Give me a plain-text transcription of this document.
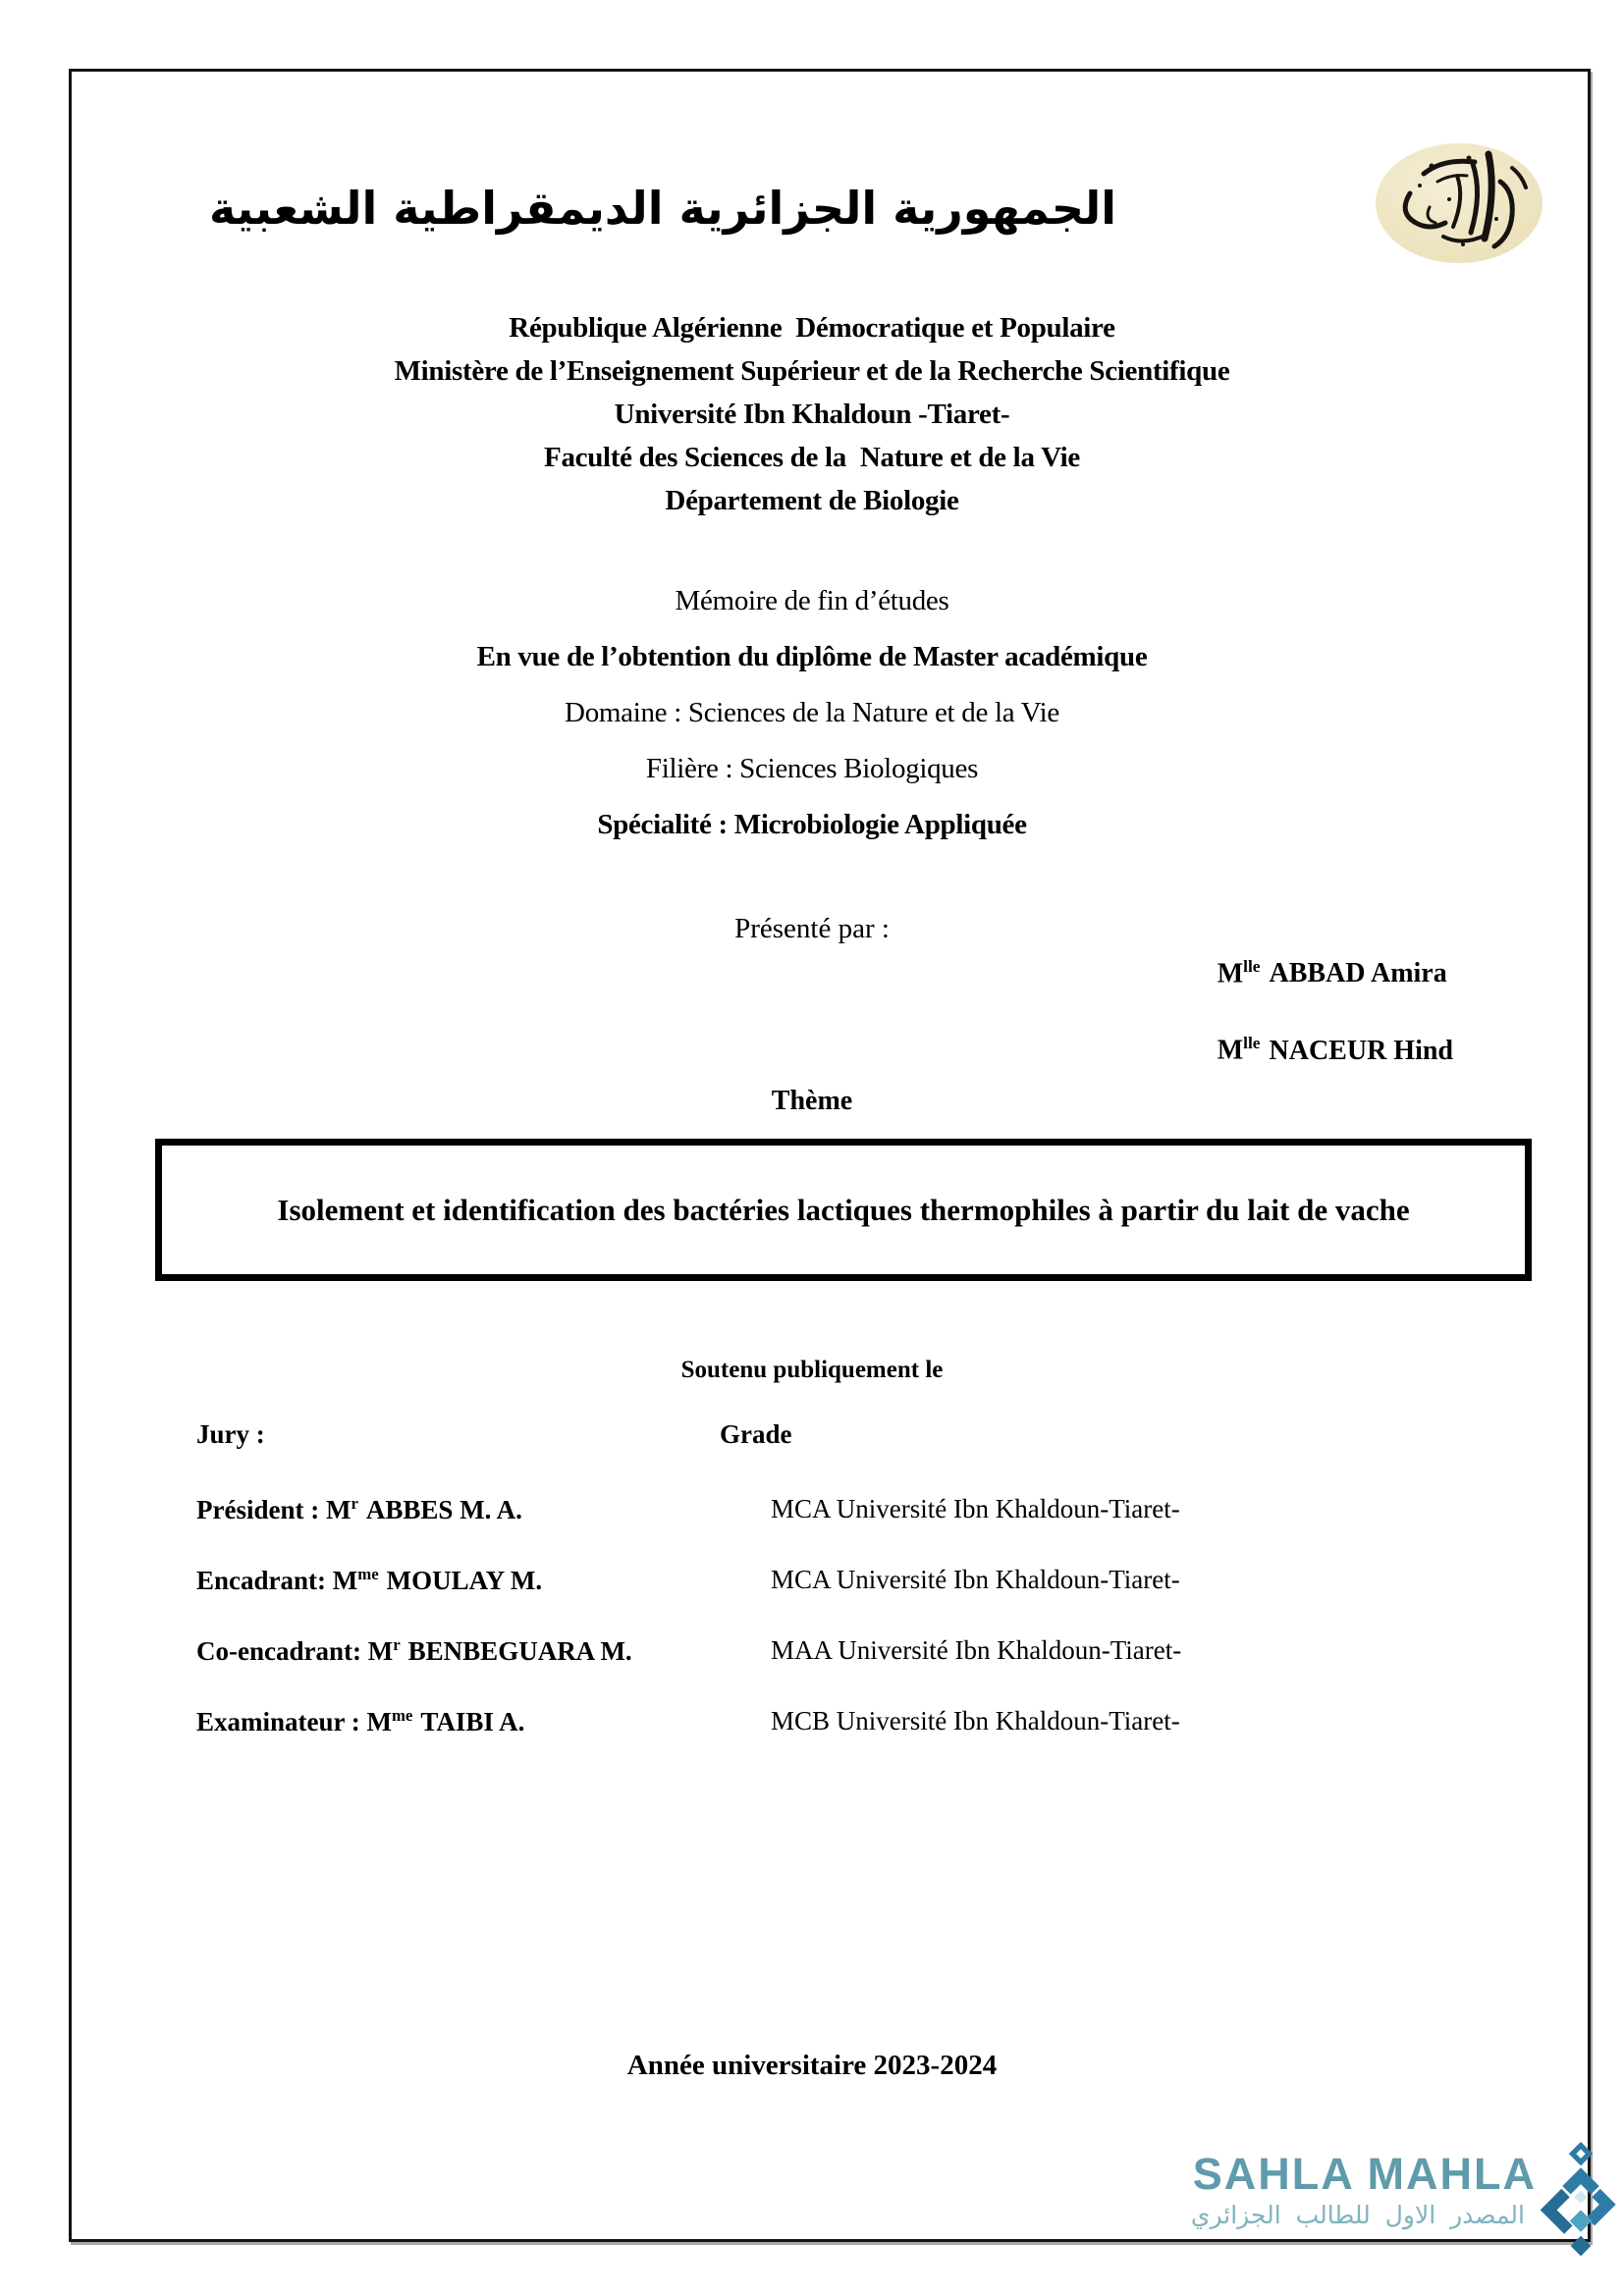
الجمهورية الجزائرية الديمقراطية الشعبية
République Algérienne  Démocratique et Populaire
Ministère de l’Enseignement Supérieur et de la Recherche Scientifique
Université Ibn Khaldoun -Tiaret-
Faculté des Sciences de la  Nature et de la Vie
Département de Biologie
Mémoire de fin d’études
En vue de l’obtention du diplôme de Master académique
Domaine : Sciences de la Nature et de la Vie
Filière : Sciences Biologiques
Spécialité : Microbiologie Appliquée
Présenté par :
$M^{lle}$ ABBAD Amira
$M^{lle}$ NACEUR Hind
Thème
Isolement et identification des bactéries lactiques thermophiles à partir du lait de vache
Soutenu publiquement le
Jury :	Grade
Président : $M^r$ ABBES M. A.	MCA Université Ibn Khaldoun-Tiaret-
Encadrant: $M^{me}$ MOULAY M.	MCA Université Ibn Khaldoun-Tiaret-
Co-encadrant: $M^r$ BENBEGUARA M.	MAA Université Ibn Khaldoun-Tiaret-
Examinateur : $M^{me}$ TAIBI A.	MCB Université Ibn Khaldoun-Tiaret-
Année universitaire 2023-2024
SAHLA MAHLA
المصدر الاول للطالب الجزائري
